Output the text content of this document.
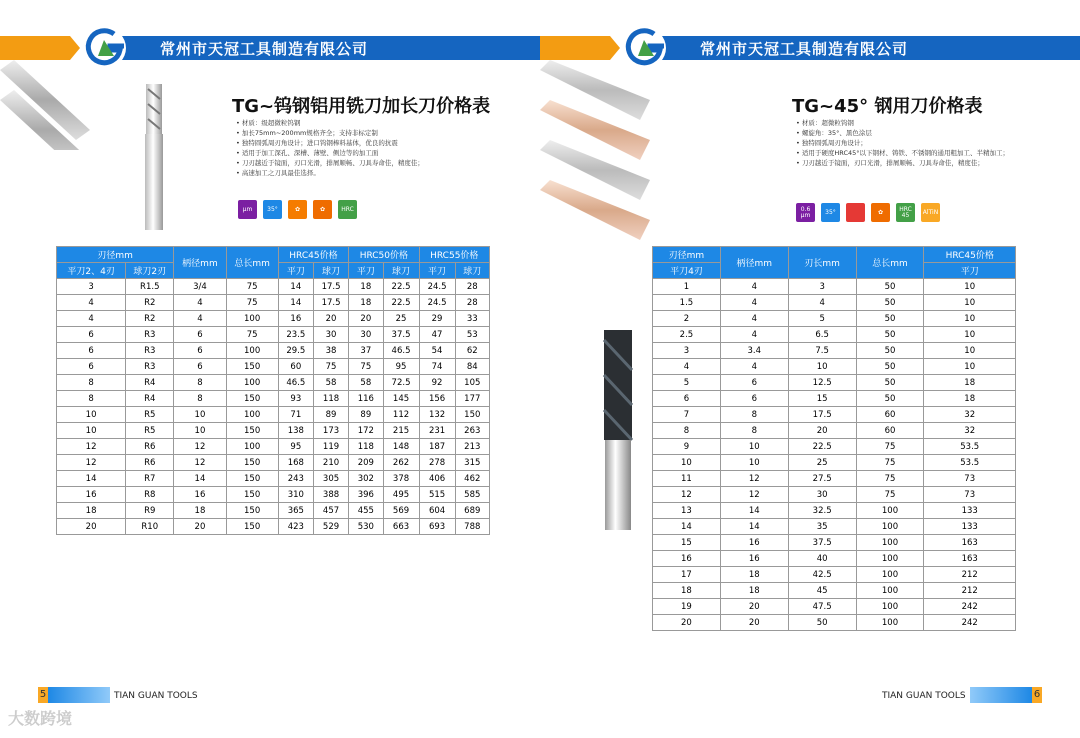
常州市天冠工具制造有限公司
TG~钨钢铝用铣刀加长刀价格表
• 材质：级超微粒钨钢
• 加长75mm~200mm规格齐全；支持非标定制
• 独特圆弧周刃角设计；进口钨钢棒料基体，优良的抗震
• 适用于加工深孔、深槽、薄壁、侧边等的加工面
• 刀刃越近于镜面，刃口光滑，排屑顺畅、刀具寿命佳，精度佳；
• 高速加工之刀具最佳选择。
μm	35°	✿	✿	HRC
刃径mm		柄径mm	总长mm	HRC45价格		HRC50价格		HRC55价格	
平刀2、4刃	球刀2刃			平刀	球刀	平刀	球刀	平刀	球刀
3	R1.5	3/4	75	14	17.5	18	22.5	24.5	28
4	R2	4	75	14	17.5	18	22.5	24.5	28
4	R2	4	100	16	20	20	25	29	33
6	R3	6	75	23.5	30	30	37.5	47	53
6	R3	6	100	29.5	38	37	46.5	54	62
6	R3	6	150	60	75	75	95	74	84
8	R4	8	100	46.5	58	58	72.5	92	105
8	R4	8	150	93	118	116	145	156	177
10	R5	10	100	71	89	89	112	132	150
10	R5	10	150	138	173	172	215	231	263
12	R6	12	100	95	119	118	148	187	213
12	R6	12	150	168	210	209	262	278	315
14	R7	14	150	243	305	302	378	406	462
16	R8	16	150	310	388	396	495	515	585
18	R9	18	150	365	457	455	569	604	689
20	R10	20	150	423	529	530	663	693	788
5	TIAN GUAN TOOLS
大数跨境
常州市天冠工具制造有限公司
TG~45° 钢用刀价格表
• 材质：超微粒钨钢
• 螺旋角：35°、黑色涂层
• 独特圆弧周刃角设计；
• 适用于硬度HRC45°以下钢材、铸铁、不锈钢的通用粗加工、半精加工；
• 刀刃越近于镜面，刃口光滑，排屑顺畅、刀具寿命佳，精度佳；
0.6 μm	35°	✿	HRC 45	AlTiN
刃径mm	柄径mm	刃长mm	总长mm	HRC45价格
平刀4刃				平刀
1	4	3	50	10
1.5	4	4	50	10
2	4	5	50	10
2.5	4	6.5	50	10
3	3.4	7.5	50	10
4	4	10	50	10
5	6	12.5	50	18
6	6	15	50	18
7	8	17.5	60	32
8	8	20	60	32
9	10	22.5	75	53.5
10	10	25	75	53.5
11	12	27.5	75	73
12	12	30	75	73
13	14	32.5	100	133
14	14	35	100	133
15	16	37.5	100	163
16	16	40	100	163
17	18	42.5	100	212
18	18	45	100	212
19	20	47.5	100	242
20	20	50	100	242
TIAN GUAN TOOLS	6
